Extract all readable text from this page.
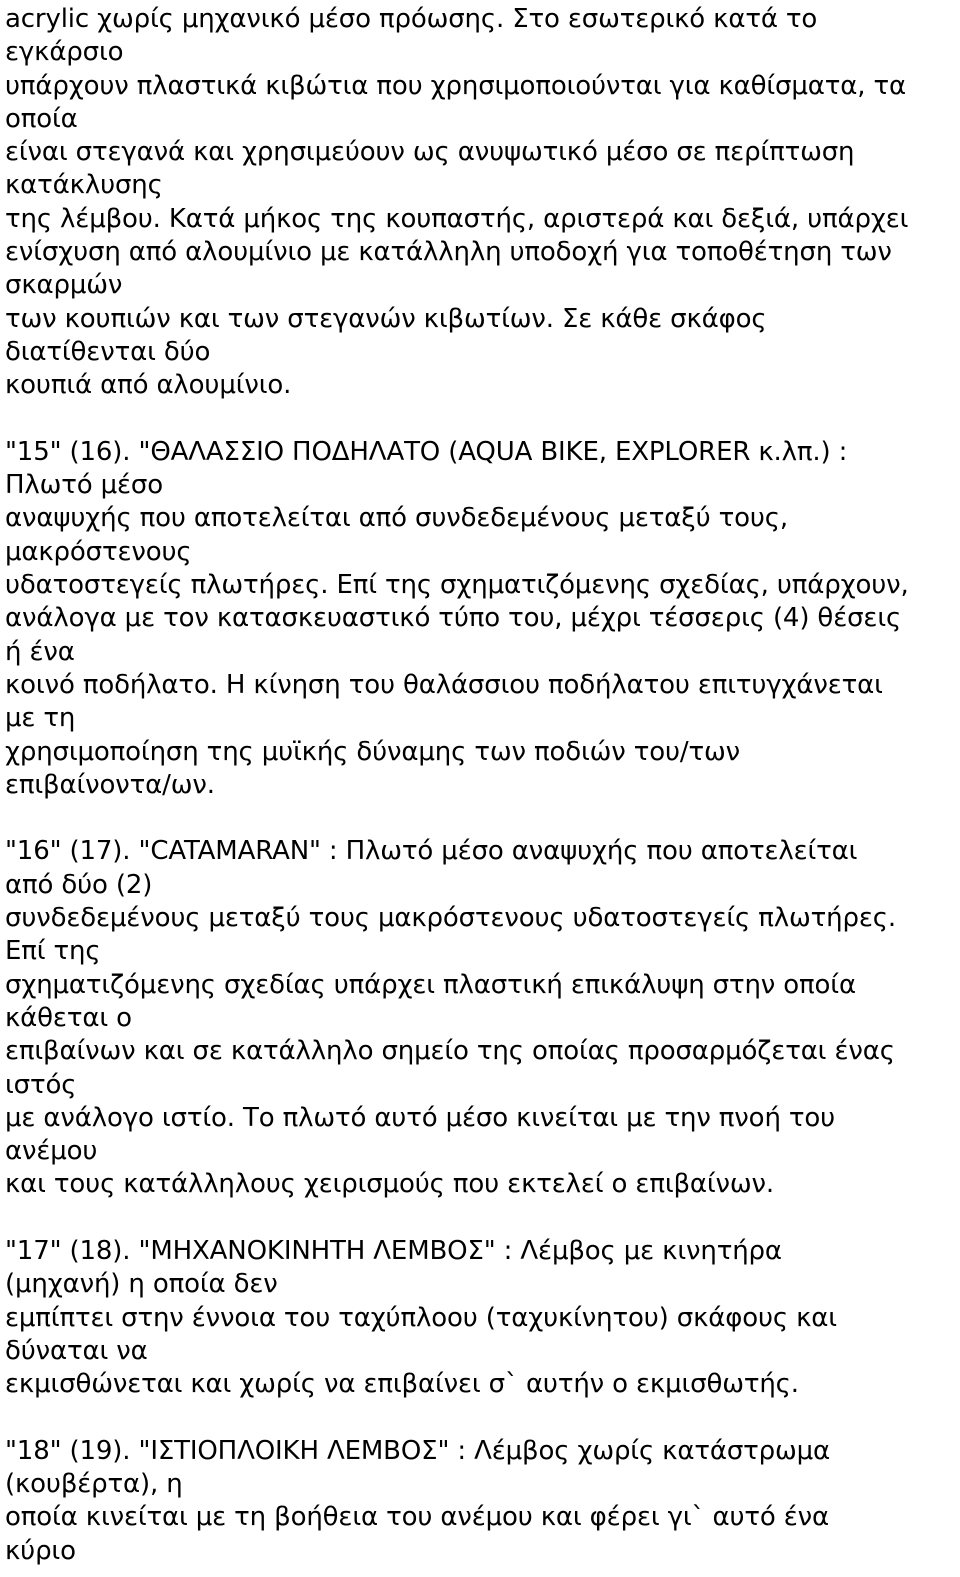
acrylic χωρίς μηχανικό μέσο πρόωσης. Στο εσωτερικό κατά το
εγκάρσιο
υπάρχουν πλαστικά κιβώτια που χρησιμοποιούνται για καθίσματα, τα
οποία
είναι στεγανά και χρησιμεύουν ως ανυψωτικό μέσο σε περίπτωση
κατάκλυσης
της λέμβου. Κατά μήκος της κουπαστής, αριστερά και δεξιά, υπάρχει
ενίσχυση από αλουμίνιο με κατάλληλη υποδοχή για τοποθέτηση των
σκαρμών
των κουπιών και των στεγανών κιβωτίων. Σε κάθε σκάφος
διατίθενται δύο
κουπιά από αλουμίνιο.
"15" (16). "ΘΑΛΑΣΣΙΟ ΠΟΔΗΛΑΤΟ (AQUA BIKE, EXPLORER κ.λπ.) :
Πλωτό μέσο
αναψυχής που αποτελείται από συνδεδεμένους μεταξύ τους,
μακρόστενους
υδατοστεγείς πλωτήρες. Επί της σχηματιζόμενης σχεδίας, υπάρχουν,
ανάλογα με τον κατασκευαστικό τύπο του, μέχρι τέσσερις (4) θέσεις
ή ένα
κοινό ποδήλατο. Η κίνηση του θαλάσσιου ποδήλατου επιτυγχάνεται
με τη
χρησιμοποίηση της μυϊκής δύναμης των ποδιών του/των
επιβαίνοντα/ων.
"16" (17). "CATAMARAN" : Πλωτό μέσο αναψυχής που αποτελείται
από δύο (2)
συνδεδεμένους μεταξύ τους μακρόστενους υδατοστεγείς πλωτήρες.
Επί της
σχηματιζόμενης σχεδίας υπάρχει πλαστική επικάλυψη στην οποία
κάθεται ο
επιβαίνων και σε κατάλληλο σημείο της οποίας προσαρμόζεται ένας
ιστός
με ανάλογο ιστίο. Το πλωτό αυτό μέσο κινείται με την πνοή του
ανέμου
και τους κατάλληλους χειρισμούς που εκτελεί ο επιβαίνων.
"17" (18). "ΜΗΧΑΝΟΚΙΝΗΤΗ ΛΕΜΒΟΣ" : Λέμβος με κινητήρα
(μηχανή) η οποία δεν
εμπίπτει στην έννοια του ταχύπλοου (ταχυκίνητου) σκάφους και
δύναται να
εκμισθώνεται και χωρίς να επιβαίνει σ` αυτήν ο εκμισθωτής.
"18" (19). "ΙΣΤΙΟΠΛΟΙΚΗ ΛΕΜΒΟΣ" : Λέμβος χωρίς κατάστρωμα
(κουβέρτα), η
οποία κινείται με τη βοήθεια του ανέμου και φέρει γι` αυτό ένα
κύριο
